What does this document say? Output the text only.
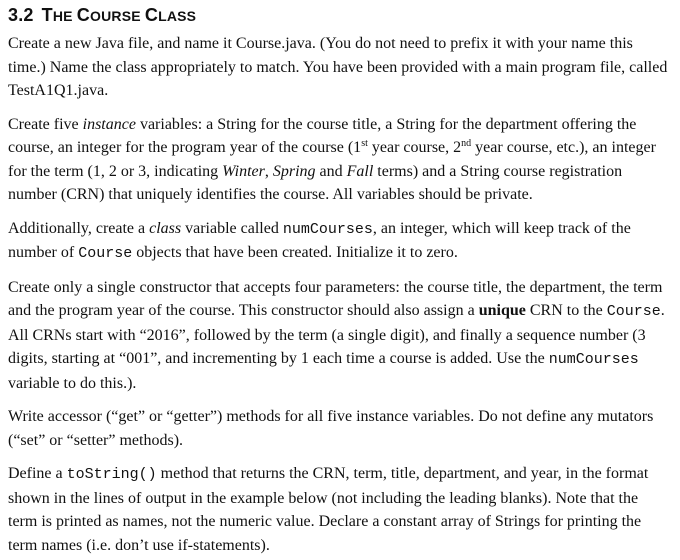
3.2 THE COURSE CLASS

Create a new Java file, and name it Course.java. (You do not need to prefix it with your name this time.) Name the class appropriately to match. You have been provided with a main program file, called TestA1Q1.java.

Create five instance variables: a String for the course title, a String for the department offering the course, an integer for the program year of the course (1st year course, 2nd year course, etc.), an integer for the term (1, 2 or 3, indicating Winter, Spring and Fall terms) and a String course registration number (CRN) that uniquely identifies the course. All variables should be private.

Additionally, create a class variable called numCourses, an integer, which will keep track of the number of Course objects that have been created. Initialize it to zero.

Create only a single constructor that accepts four parameters: the course title, the department, the term and the program year of the course. This constructor should also assign a unique CRN to the Course. All CRNs start with “2016”, followed by the term (a single digit), and finally a sequence number (3 digits, starting at “001”, and incrementing by 1 each time a course is added. Use the numCourses variable to do this.).

Write accessor (“get” or “getter”) methods for all five instance variables. Do not define any mutators (“set” or “setter” methods).

Define a toString() method that returns the CRN, term, title, department, and year, in the format shown in the lines of output in the example below (not including the leading blanks). Note that the term is printed as names, not the numeric value. Declare a constant array of Strings for printing the term names (i.e. don’t use if-statements).
